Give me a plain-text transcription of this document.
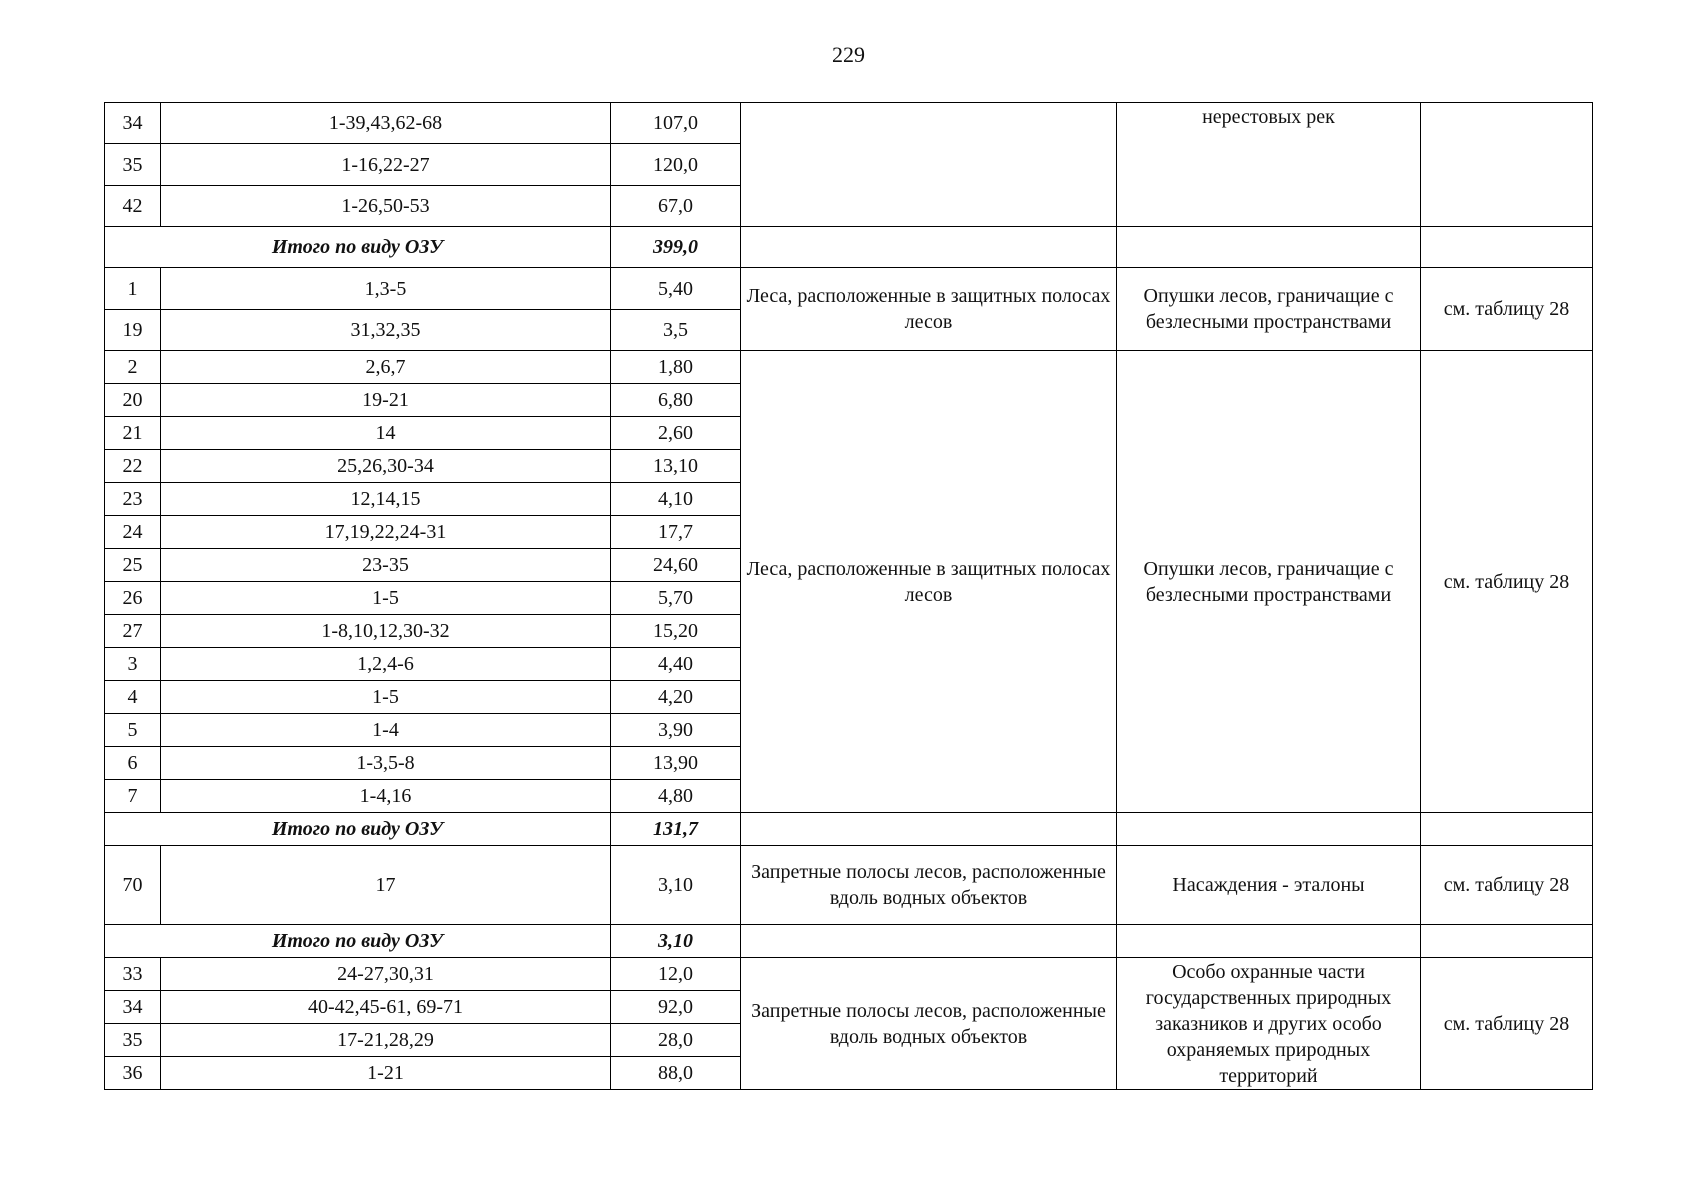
229
34	1-39,43,62-68	107,0		нерестовых рек	
35	1-16,22-27	120,0			
42	1-26,50-53	67,0			
Итого по виду ОЗУ		399,0			
1	1,3-5	5,40	Леса, расположенные в защитных полосах лесов	Опушки лесов, граничащие с безлесными пространствами	см. таблицу 28
19	31,32,35	3,5			
2	2,6,7	1,80	Леса, расположенные в защитных полосах лесов	Опушки лесов, граничащие с безлесными пространствами	см. таблицу 28
20	19-21	6,80			
21	14	2,60			
22	25,26,30-34	13,10			
23	12,14,15	4,10			
24	17,19,22,24-31	17,7			
25	23-35	24,60			
26	1-5	5,70			
27	1-8,10,12,30-32	15,20			
3	1,2,4-6	4,40			
4	1-5	4,20			
5	1-4	3,90			
6	1-3,5-8	13,90			
7	1-4,16	4,80			
Итого по виду ОЗУ		131,7			
70	17	3,10	Запретные полосы лесов, расположенные вдоль водных объектов	Насаждения - эталоны	см. таблицу 28
Итого по виду ОЗУ		3,10			
33	24-27,30,31	12,0	Запретные полосы лесов, расположенные вдоль водных объектов	Особо охранные части государственных природных заказников и других особо охраняемых природных территорий	см. таблицу 28
34	40-42,45-61, 69-71	92,0			
35	17-21,28,29	28,0			
36	1-21	88,0			
